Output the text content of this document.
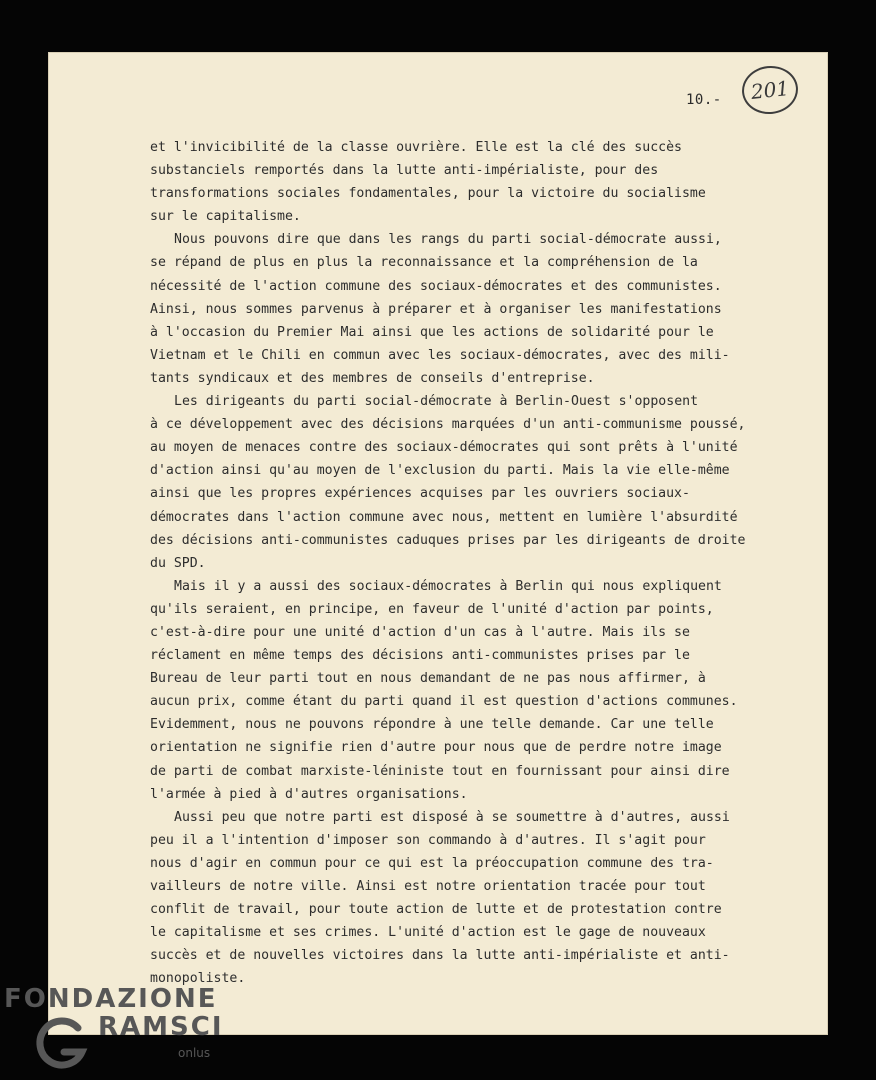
10.-	201
et l'invicibilité de la classe ouvrière. Elle est la clé des succès
substanciels remportés dans la lutte anti-impérialiste, pour des
transformations sociales fondamentales, pour la victoire du socialisme
sur le capitalisme.
Nous pouvons dire que dans les rangs du parti social-démocrate aussi,
se répand de plus en plus la reconnaissance et la compréhension de la
nécessité de l'action commune des sociaux-démocrates et des communistes.
Ainsi, nous sommes parvenus à préparer et à organiser les manifestations
à l'occasion du Premier Mai ainsi que les actions de solidarité pour le
Vietnam et le Chili en commun avec les sociaux-démocrates, avec des mili-
tants syndicaux et des membres de conseils d'entreprise.
Les dirigeants du parti social-démocrate à Berlin-Ouest s'opposent
à ce développement avec des décisions marquées d'un anti-communisme poussé,
au moyen de menaces contre des sociaux-démocrates qui sont prêts à l'unité
d'action ainsi qu'au moyen de l'exclusion du parti. Mais la vie elle-même
ainsi que les propres expériences acquises par les ouvriers sociaux-
démocrates dans l'action commune avec nous, mettent en lumière l'absurdité
des décisions anti-communistes caduques prises par les dirigeants de droite
du SPD.
Mais il y a aussi des sociaux-démocrates à Berlin qui nous expliquent
qu'ils seraient, en principe, en faveur de l'unité d'action par points,
c'est-à-dire pour une unité d'action d'un cas à l'autre. Mais ils se
réclament en même temps des décisions anti-communistes prises par le
Bureau de leur parti tout en nous demandant de ne pas nous affirmer, à
aucun prix, comme étant du parti quand il est question d'actions communes.
Evidemment, nous ne pouvons répondre à une telle demande. Car une telle
orientation ne signifie rien d'autre pour nous que de perdre notre image
de parti de combat marxiste-léniniste tout en fournissant pour ainsi dire
l'armée à pied à d'autres organisations.
Aussi peu que notre parti est disposé à se soumettre à d'autres, aussi
peu il a l'intention d'imposer son commando à d'autres. Il s'agit pour
nous d'agir en commun pour ce qui est la préoccupation commune des tra-
vailleurs de notre ville. Ainsi est notre orientation tracée pour tout
conflit de travail, pour toute action de lutte et de protestation contre
le capitalisme et ses crimes. L'unité d'action est le gage de nouveaux
succès et de nouvelles victoires dans la lutte anti-impérialiste et anti-
monopoliste.
FONDAZIONE
RAMSCI
onlus
